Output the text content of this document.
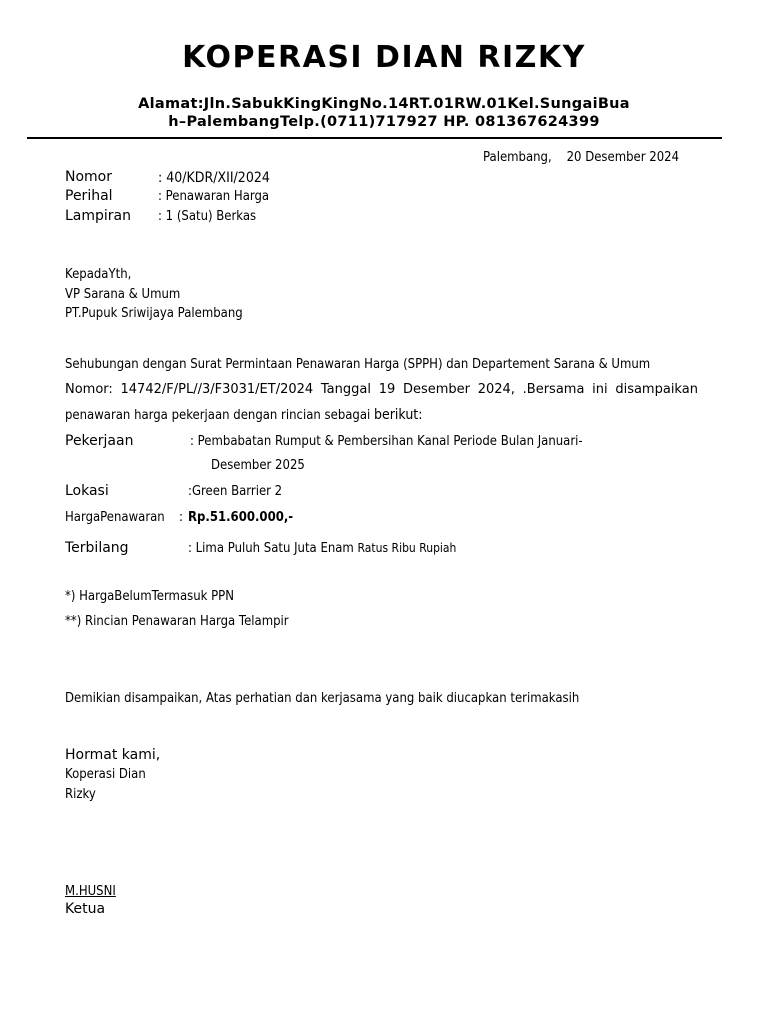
KOPERASI DIAN RIZKY
Alamat:Jln.SabukKingKingNo.14RT.01RW.01Kel.SungaiBua
h–PalembangTelp.(0711)717927 HP. 081367624399
Palembang, 20 Desember 2024
Nomor	: 40/KDR/XII/2024
Perihal	: Penawaran Harga
Lampiran : 1 (Satu) Berkas
KepadaYth,
VP Sarana & Umum
PT.Pupuk Sriwijaya Palembang
Sehubungan dengan Surat Permintaan Penawaran Harga (SPPH) dan Departement Sarana & Umum
Nomor: 14742/F/PL//3/F3031/ET/2024 Tanggal 19 Desember 2024, .Bersama ini disampaikan
penawaran harga pekerjaan dengan rincian sebagai berikut:
Pekerjaan	: Pembabatan Rumput & Pembersihan Kanal Periode Bulan Januari-
Desember 2025
Lokasi	:Green Barrier 2
HargaPenawaran : Rp.51.600.000,-
Terbilang	: Lima Puluh Satu Juta Enam Ratus Ribu Rupiah
*) HargaBelumTermasuk PPN
**) Rincian Penawaran Harga Telampir
Demikian disampaikan, Atas perhatian dan kerjasama yang baik diucapkan terimakasih
Hormat kami,
Koperasi Dian
Rizky
M.HUSNI
Ketua
